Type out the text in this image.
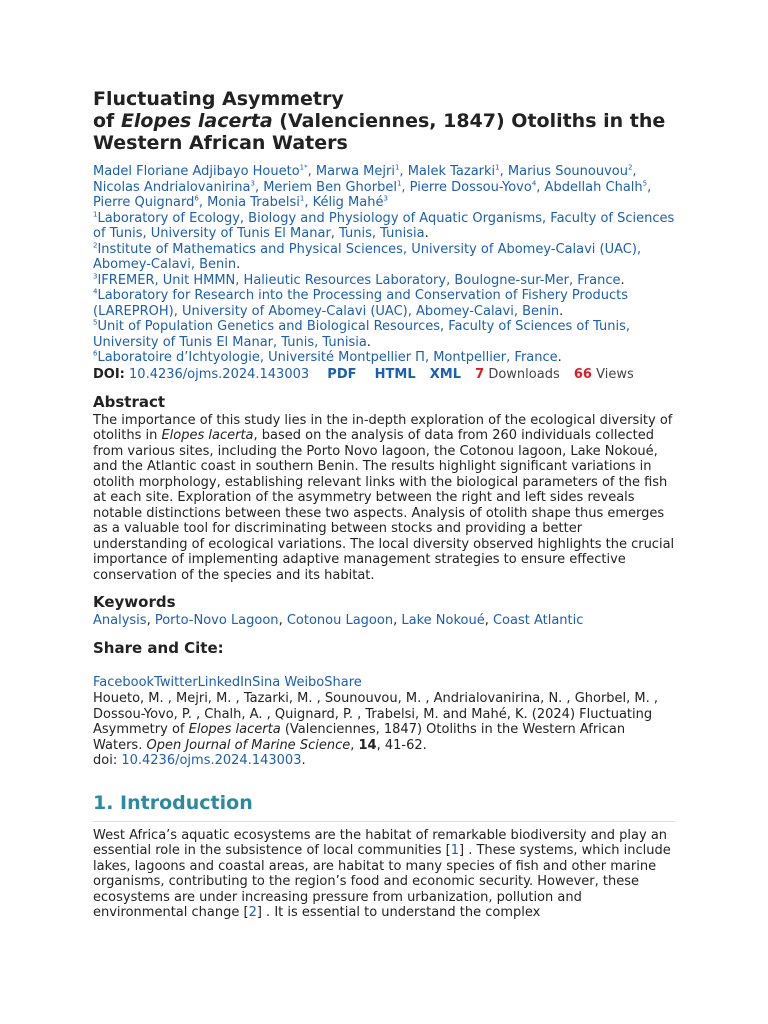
Fluctuating Asymmetry
of Elopes lacerta (Valenciennes, 1847) Otoliths in the Western African Waters
Madel Floriane Adjibayo Houeto$^{1*}$, Marwa Mejri$^1$, Malek Tazarki$^1$, Marius Sounouvou$^2$, Nicolas Andrialovanirina$^3$, Meriem Ben Ghorbel$^1$, Pierre Dossou-Yovo$^4$, Abdellah Chalh$^5$, Pierre Quignard$^6$, Monia Trabelsi$^1$, Kélig Mahé$^3$
$^1$Laboratory of Ecology, Biology and Physiology of Aquatic Organisms, Faculty of Sciences of Tunis, University of Tunis El Manar, Tunis, Tunisia.
$^2$Institute of Mathematics and Physical Sciences, University of Abomey-Calavi (UAC), Abomey-Calavi, Benin.
$^3$IFREMER, Unit HMMN, Halieutic Resources Laboratory, Boulogne-sur-Mer, France.
$^4$Laboratory for Research into the Processing and Conservation of Fishery Products (LAREPROH), University of Abomey-Calavi (UAC), Abomey-Calavi, Benin.
$^5$Unit of Population Genetics and Biological Resources, Faculty of Sciences of Tunis, University of Tunis El Manar, Tunis, Tunisia.
$^6$Laboratoire d’Ichtyologie, Université Montpellier Π, Montpellier, France.
DOI: 10.4236/ojms.2024.143003 PDF HTML XML 7 Downloads 66 Views
Abstract

The importance of this study lies in the in-depth exploration of the ecological diversity of otoliths in Elopes lacerta, based on the analysis of data from 260 individuals collected from various sites, including the Porto Novo lagoon, the Cotonou lagoon, Lake Nokoué, and the Atlantic coast in southern Benin. The results highlight significant variations in otolith morphology, establishing relevant links with the biological parameters of the fish at each site. Exploration of the asymmetry between the right and left sides reveals notable distinctions between these two aspects. Analysis of otolith shape thus emerges as a valuable tool for discriminating between stocks and providing a better understanding of ecological variations. The local diversity observed highlights the crucial importance of implementing adaptive management strategies to ensure effective conservation of the species and its habitat.

Keywords
Analysis, Porto-Novo Lagoon, Cotonou Lagoon, Lake Nokoué, Coast Atlantic
Share and Cite:
FacebookTwitterLinkedInSina WeiboShare
Houeto, M. , Mejri, M. , Tazarki, M. , Sounouvou, M. , Andrialovanirina, N. , Ghorbel, M. , Dossou-Yovo, P. , Chalh, A. , Quignard, P. , Trabelsi, M. and Mahé, K. (2024) Fluctuating Asymmetry of Elopes lacerta (Valenciennes, 1847) Otoliths in the Western African Waters. Open Journal of Marine Science, 14, 41-62.
doi: 10.4236/ojms.2024.143003.
1. Introduction
West Africa’s aquatic ecosystems are the habitat of remarkable biodiversity and play an essential role in the subsistence of local communities [1] . These systems, which include lakes, lagoons and coastal areas, are habitat to many species of fish and other marine organisms, contributing to the region’s food and economic security. However, these ecosystems are under increasing pressure from urbanization, pollution and environmental change [2] . It is essential to understand the complex
